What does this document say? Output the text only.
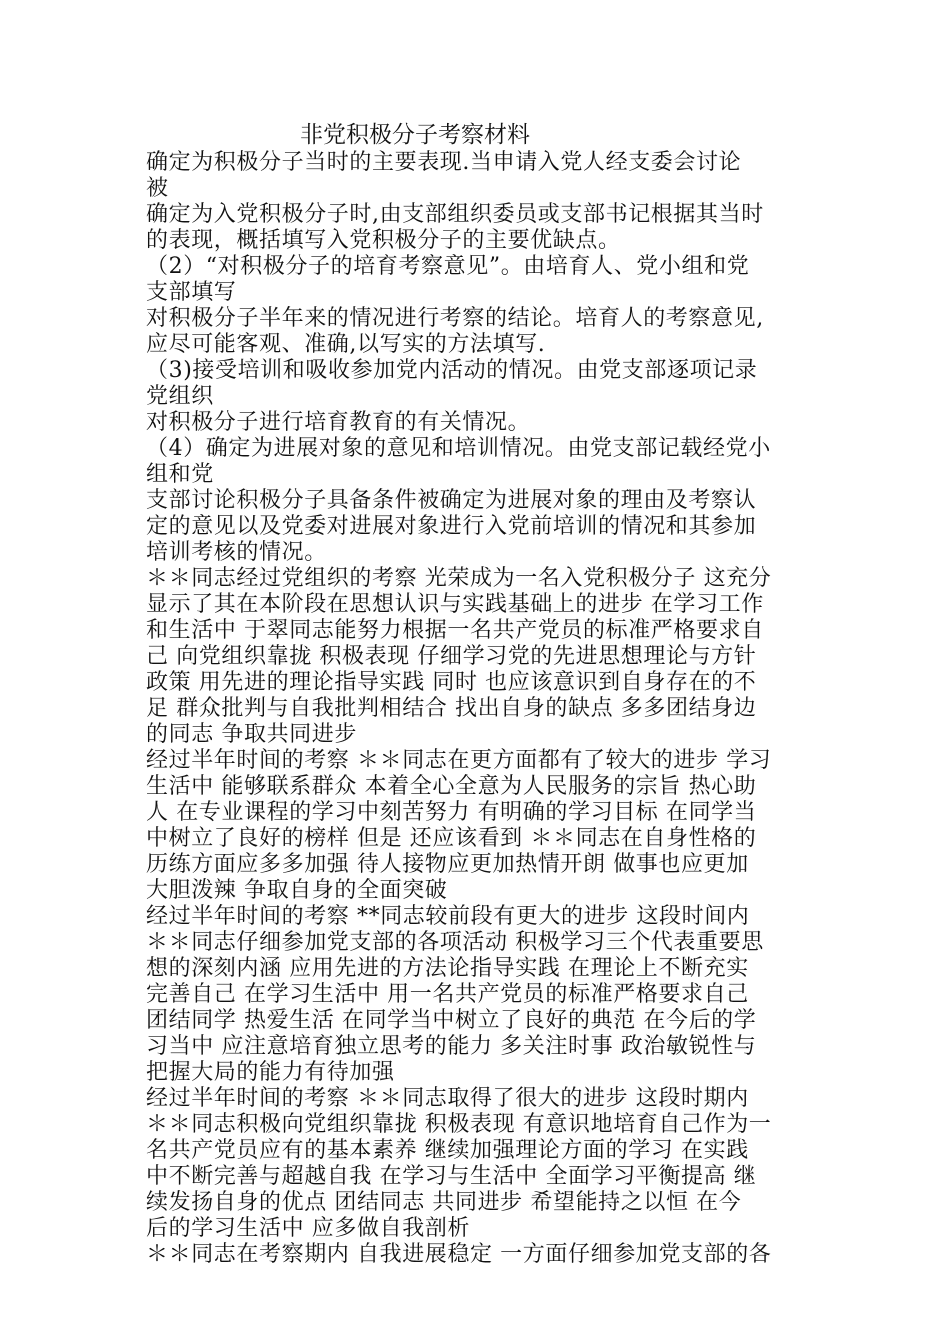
非党积极分子考察材料

确定为积极分子当时的主要表现.当申请入党人经支委会讨论

被

确定为入党积极分子时,由支部组织委员或支部书记根据其当时

的表现，概括填写入党积极分子的主要优缺点。

（2）“对积极分子的培育考察意见”。由培育人、党小组和党

支部填写

对积极分子半年来的情况进行考察的结论。培育人的考察意见,

应尽可能客观、准确,以写实的方法填写.

（3)接受培训和吸收参加党内活动的情况。由党支部逐项记录

党组织

对积极分子进行培育教育的有关情况。

（4）确定为进展对象的意见和培训情况。由党支部记载经党小

组和党

支部讨论积极分子具备条件被确定为进展对象的理由及考察认

定的意见以及党委对进展对象进行入党前培训的情况和其参加

培训考核的情况。

＊＊同志经过党组织的考察 光荣成为一名入党积极分子 这充分

显示了其在本阶段在思想认识与实践基础上的进步 在学习工作

和生活中 于翠同志能努力根据一名共产党员的标准严格要求自

己 向党组织靠拢 积极表现 仔细学习党的先进思想理论与方针

政策 用先进的理论指导实践 同时 也应该意识到自身存在的不

足 群众批判与自我批判相结合 找出自身的缺点 多多团结身边

的同志 争取共同进步

经过半年时间的考察 ＊＊同志在更方面都有了较大的进步 学习

生活中 能够联系群众 本着全心全意为人民服务的宗旨 热心助

人 在专业课程的学习中刻苦努力 有明确的学习目标 在同学当

中树立了良好的榜样 但是 还应该看到 ＊＊同志在自身性格的

历练方面应多多加强 待人接物应更加热情开朗 做事也应更加

大胆泼辣 争取自身的全面突破

经过半年时间的考察 **同志较前段有更大的进步 这段时间内

＊＊同志仔细参加党支部的各项活动 积极学习三个代表重要思

想的深刻内涵 应用先进的方法论指导实践 在理论上不断充实

完善自己 在学习生活中 用一名共产党员的标准严格要求自己

团结同学 热爱生活 在同学当中树立了良好的典范 在今后的学

习当中 应注意培育独立思考的能力 多关注时事 政治敏锐性与

把握大局的能力有待加强

经过半年时间的考察 ＊＊同志取得了很大的进步 这段时期内

＊＊同志积极向党组织靠拢 积极表现 有意识地培育自己作为一

名共产党员应有的基本素养 继续加强理论方面的学习 在实践

中不断完善与超越自我 在学习与生活中 全面学习平衡提高 继

续发扬自身的优点 团结同志 共同进步 希望能持之以恒 在今

后的学习生活中 应多做自我剖析

＊＊同志在考察期内 自我进展稳定 一方面仔细参加党支部的各
